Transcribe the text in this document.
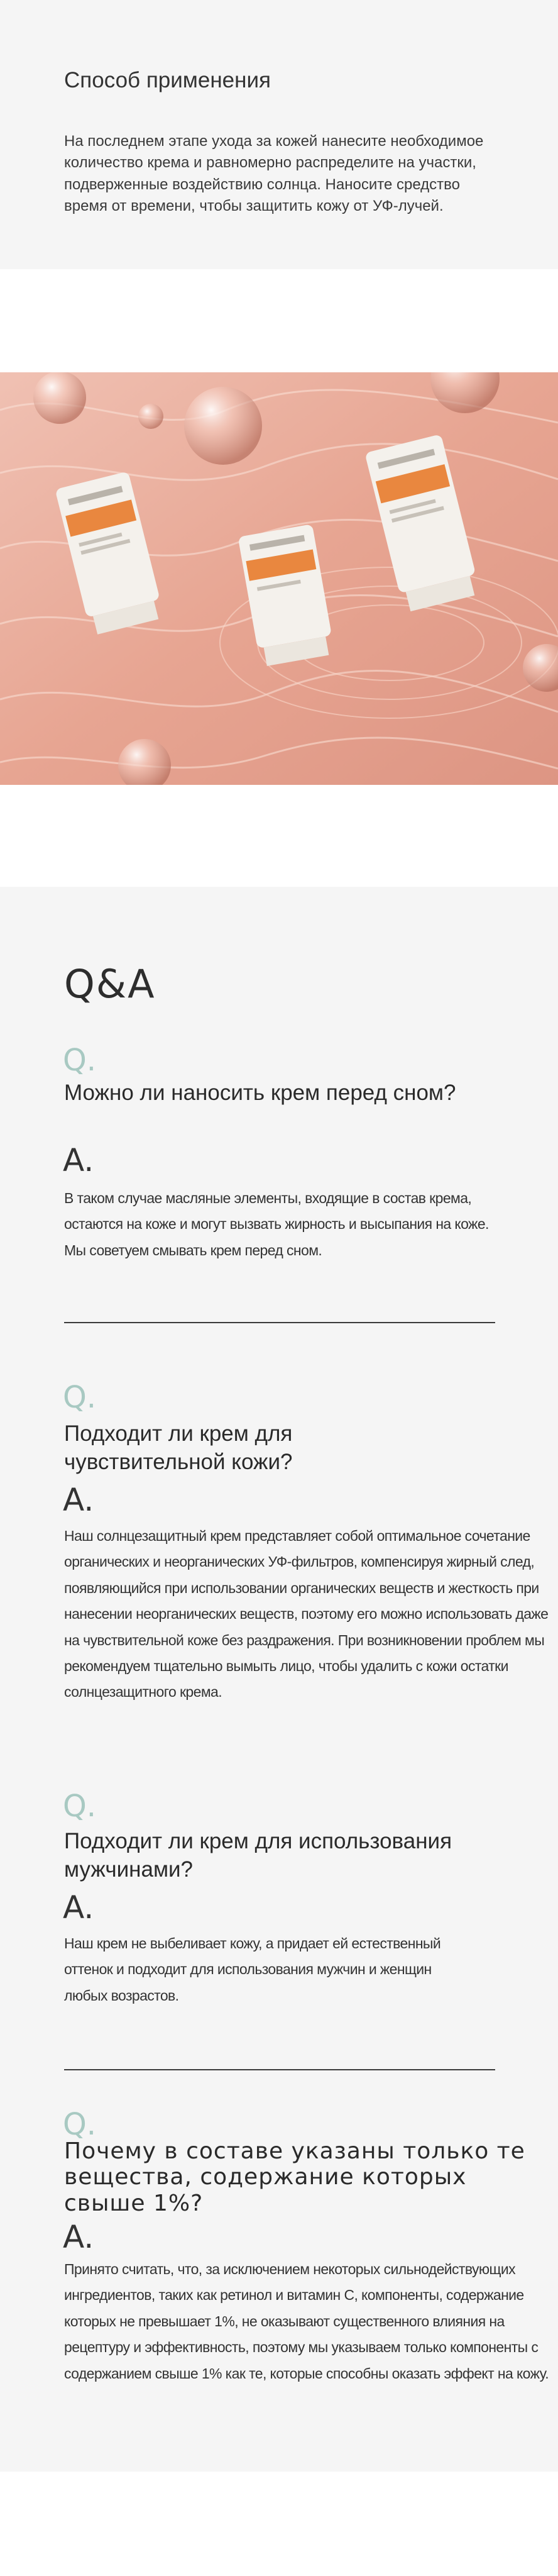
Способ применения

На последнем этапе ухода за кожей нанесите необходимое количество крема и равномерно распределите на участки, подверженные воздействию солнца. Наносите средство время от времени, чтобы защитить кожу от УФ-лучей.

Q&A
Q.
Можно ли наносить крем перед сном?
A.
В таком случае масляные элементы, входящие в состав крема, остаются на коже и могут вызвать жирность и высыпания на коже. Мы советуем смывать крем перед сном.
Q.
Подходит ли крем для чувствительной кожи?
A.
Наш солнцезащитный крем представляет собой оптимальное сочетание органических и неорганических УФ-фильтров, компенсируя жирный след, появляющийся при использовании органических веществ и жесткость при нанесении неорганических веществ, поэтому его можно использовать даже на чувствительной коже без раздражения. При возникновении проблем мы рекомендуем тщательно вымыть лицо, чтобы удалить с кожи остатки солнцезащитного крема.
Q.
Подходит ли крем для использования мужчинами?
A.
Наш крем не выбеливает кожу, а придает ей естественный оттенок и подходит для использования мужчин и женщин любых возрастов.
Q.
Почему в составе указаны только те вещества, содержание которых свыше 1%?
A.
Принято считать, что, за исключением некоторых сильнодействующих ингредиентов, таких как ретинол и витамин С, компоненты, содержание которых не превышает 1%, не оказывают существенного влияния на рецептуру и эффективность, поэтому мы указываем только компоненты с содержанием свыше 1% как те, которые способны оказать эффект на кожу.
